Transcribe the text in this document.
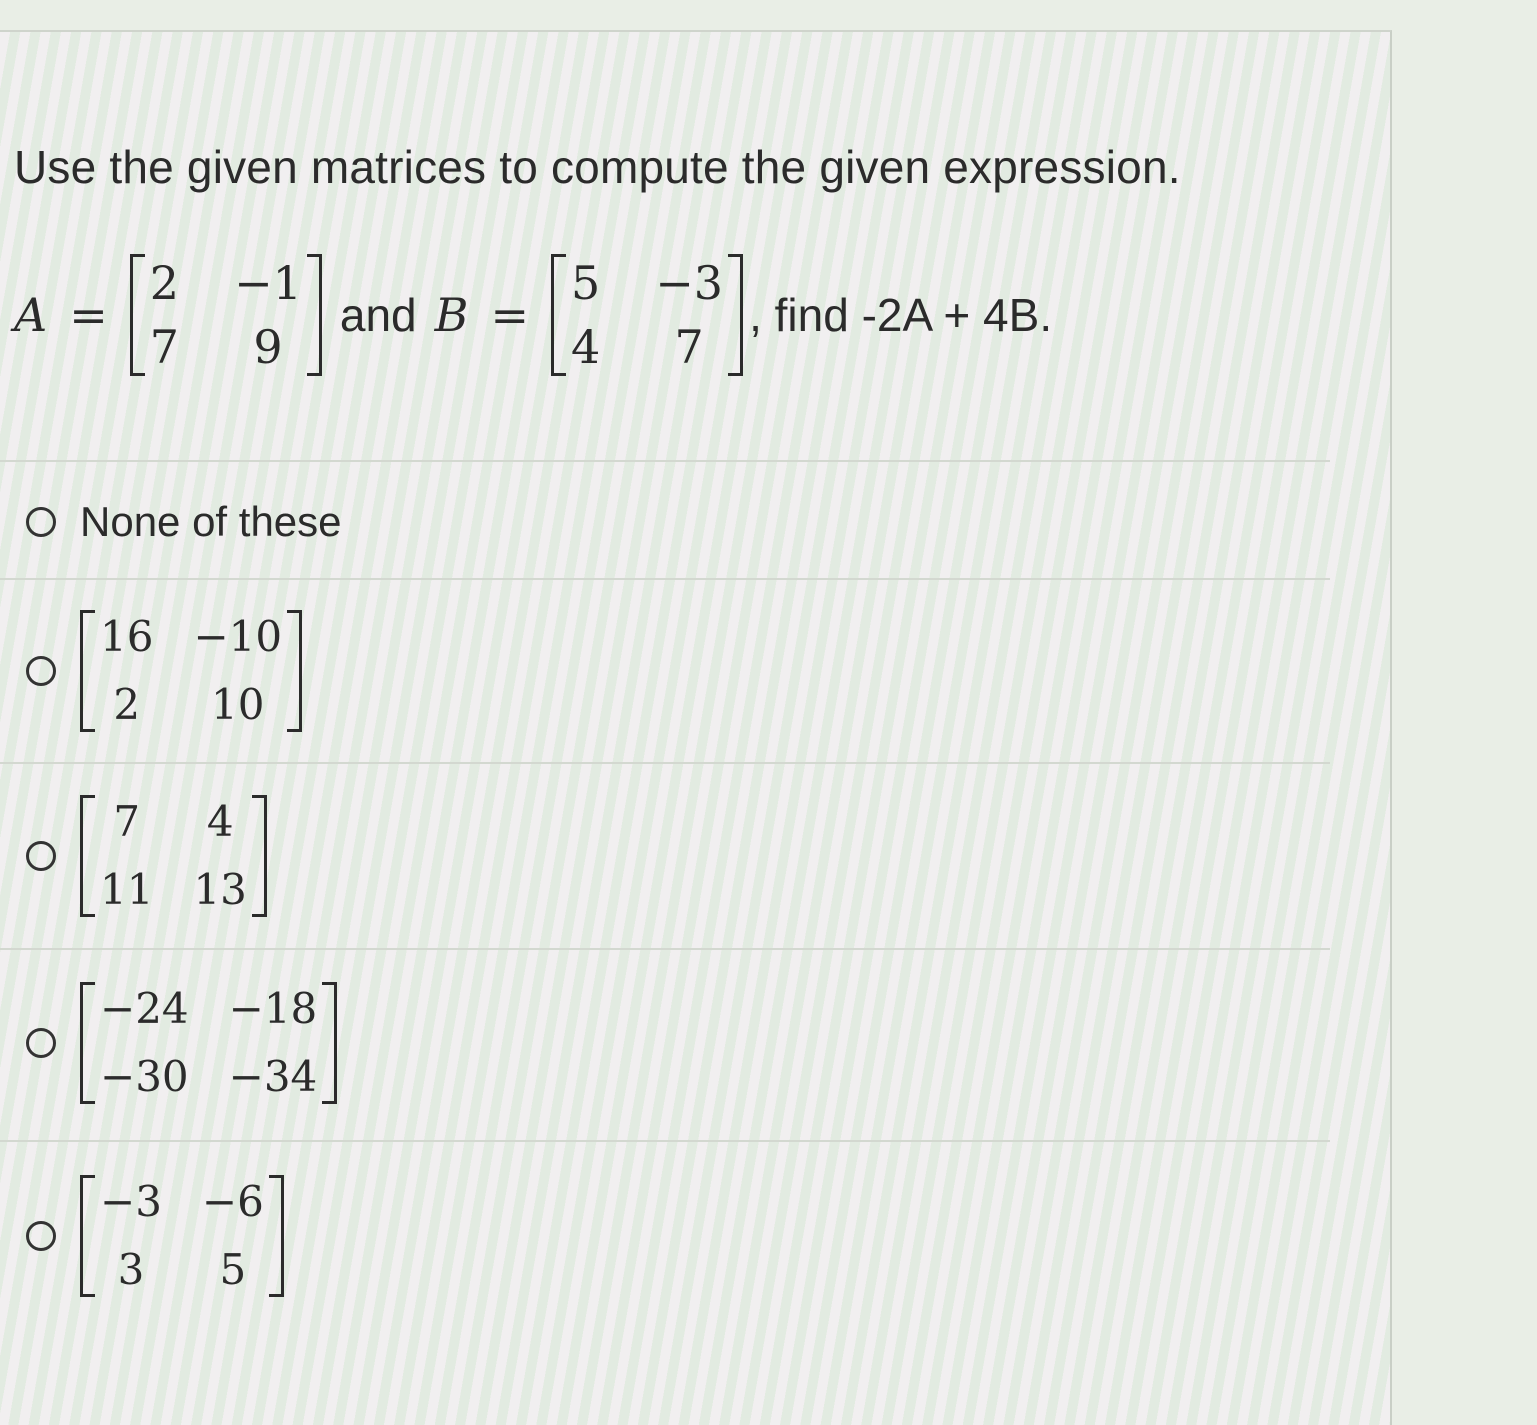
Use the given matrices to compute the given expression.
A =
2 −1
7	9
and B =
5 −3
4	7
, find -2A + 4B.
None of these
16 −10
2	10
7	4
11 13
−24 −18
−30 −34
−3 −6
3	5
